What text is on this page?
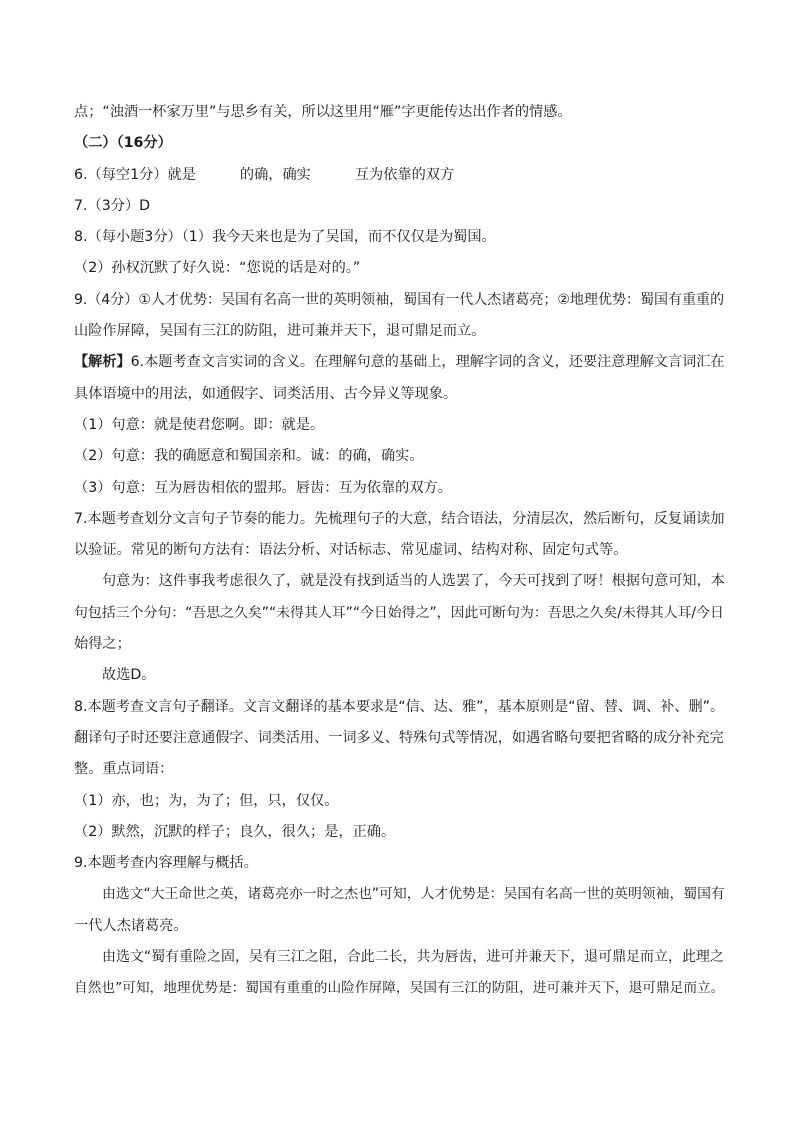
点；“浊酒一杯家万里”与思乡有关，所以这里用“雁”字更能传达出作者的情感。
（二）（16分）
6.（每空1分）就是	的确，确实	互为依靠的双方
7.（3分）D
8.（每小题3分）（1）我今天来也是为了吴国，而不仅仅是为蜀国。
（2）孙权沉默了好久说：“您说的话是对的。”
9.（4分）①人才优势：吴国有名高一世的英明领袖，蜀国有一代人杰诸葛亮；②地理优势：蜀国有重重的
山险作屏障，吴国有三江的防阻，进可兼并天下，退可鼎足而立。
【解析】6.本题考查文言实词的含义。在理解句意的基础上，理解字词的含义，还要注意理解文言词汇在
具体语境中的用法，如通假字、词类活用、古今异义等现象。
（1）句意：就是使君您啊。即：就是。
（2）句意：我的确愿意和蜀国亲和。诚：的确，确实。
（3）句意：互为唇齿相依的盟邦。唇齿：互为依靠的双方。
7.本题考查划分文言句子节奏的能力。先梳理句子的大意，结合语法，分清层次，然后断句，反复诵读加
以验证。常见的断句方法有：语法分析、对话标志、常见虚词、结构对称、固定句式等。
句意为：这件事我考虑很久了，就是没有找到适当的人选罢了，今天可找到了呀！根据句意可知，本
句包括三个分句：“吾思之久矣”“未得其人耳”“今日始得之”，因此可断句为：吾思之久矣/未得其人耳/今日
始得之；
故选D。
8.本题考查文言句子翻译。文言文翻译的基本要求是“信、达、雅”，基本原则是“留、替、调、补、删”。
翻译句子时还要注意通假字、词类活用、一词多义、特殊句式等情况，如遇省略句要把省略的成分补充完
整。重点词语：
（1）亦，也；为，为了；但，只，仅仅。
（2）默然，沉默的样子；良久，很久；是，正确。
9.本题考查内容理解与概括。
由选文“大王命世之英，诸葛亮亦一时之杰也”可知，人才优势是：吴国有名高一世的英明领袖，蜀国有
一代人杰诸葛亮。
由选文“蜀有重险之固，吴有三江之阻，合此二长，共为唇齿，进可并兼天下，退可鼎足而立，此理之
自然也”可知，地理优势是：蜀国有重重的山险作屏障，吴国有三江的防阻，进可兼并天下，退可鼎足而立。
